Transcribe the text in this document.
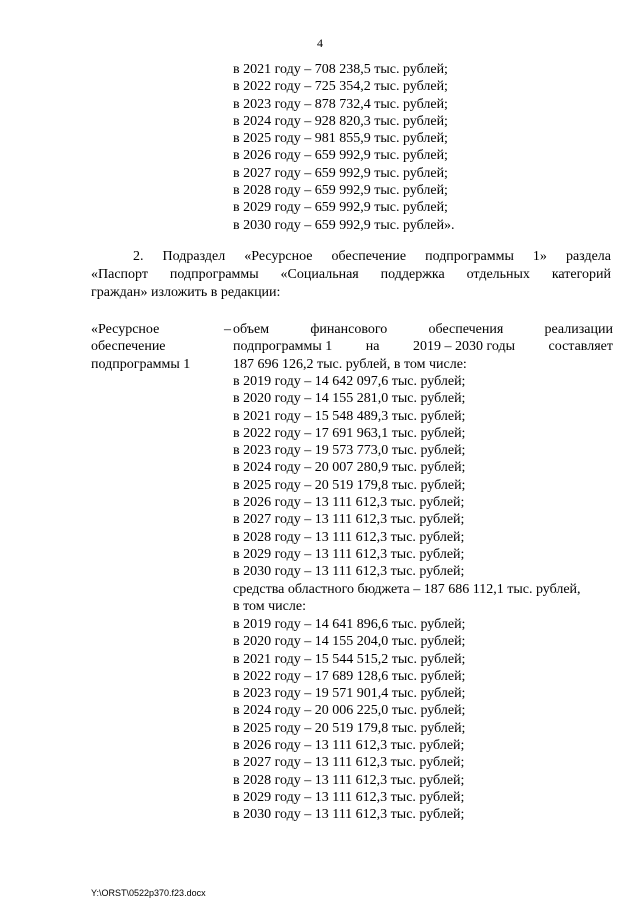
4
в 2021 году – 708 238,5 тыс. рублей;
в 2022 году – 725 354,2 тыс. рублей;
в 2023 году – 878 732,4 тыс. рублей;
в 2024 году – 928 820,3 тыс. рублей;
в 2025 году – 981 855,9 тыс. рублей;
в 2026 году – 659 992,9 тыс. рублей;
в 2027 году – 659 992,9 тыс. рублей;
в 2028 году – 659 992,9 тыс. рублей;
в 2029 году – 659 992,9 тыс. рублей;
в 2030 году – 659 992,9 тыс. рублей».
2. Подраздел «Ресурсное обеспечение подпрограммы 1» раздела
«Паспорт подпрограммы «Социальная поддержка отдельных категорий
граждан» изложить в редакции:
«Ресурсное	–
обеспечение
подпрограммы 1
объем	финансового	обеспечения	реализации
подпрограммы 1 на 2019 – 2030 годы составляет
187 696 126,2 тыс. рублей, в том числе:
в 2019 году – 14 642 097,6 тыс. рублей;
в 2020 году – 14 155 281,0 тыс. рублей;
в 2021 году – 15 548 489,3 тыс. рублей;
в 2022 году – 17 691 963,1 тыс. рублей;
в 2023 году – 19 573 773,0 тыс. рублей;
в 2024 году – 20 007 280,9 тыс. рублей;
в 2025 году – 20 519 179,8 тыс. рублей;
в 2026 году – 13 111 612,3 тыс. рублей;
в 2027 году – 13 111 612,3 тыс. рублей;
в 2028 году – 13 111 612,3 тыс. рублей;
в 2029 году – 13 111 612,3 тыс. рублей;
в 2030 году – 13 111 612,3 тыс. рублей;
средства областного бюджета – 187 686 112,1 тыс. рублей,
в том числе:
в 2019 году – 14 641 896,6 тыс. рублей;
в 2020 году – 14 155 204,0 тыс. рублей;
в 2021 году – 15 544 515,2 тыс. рублей;
в 2022 году – 17 689 128,6 тыс. рублей;
в 2023 году – 19 571 901,4 тыс. рублей;
в 2024 году – 20 006 225,0 тыс. рублей;
в 2025 году – 20 519 179,8 тыс. рублей;
в 2026 году – 13 111 612,3 тыс. рублей;
в 2027 году – 13 111 612,3 тыс. рублей;
в 2028 году – 13 111 612,3 тыс. рублей;
в 2029 году – 13 111 612,3 тыс. рублей;
в 2030 году – 13 111 612,3 тыс. рублей;
Y:\ORST\0522p370.f23.docx
